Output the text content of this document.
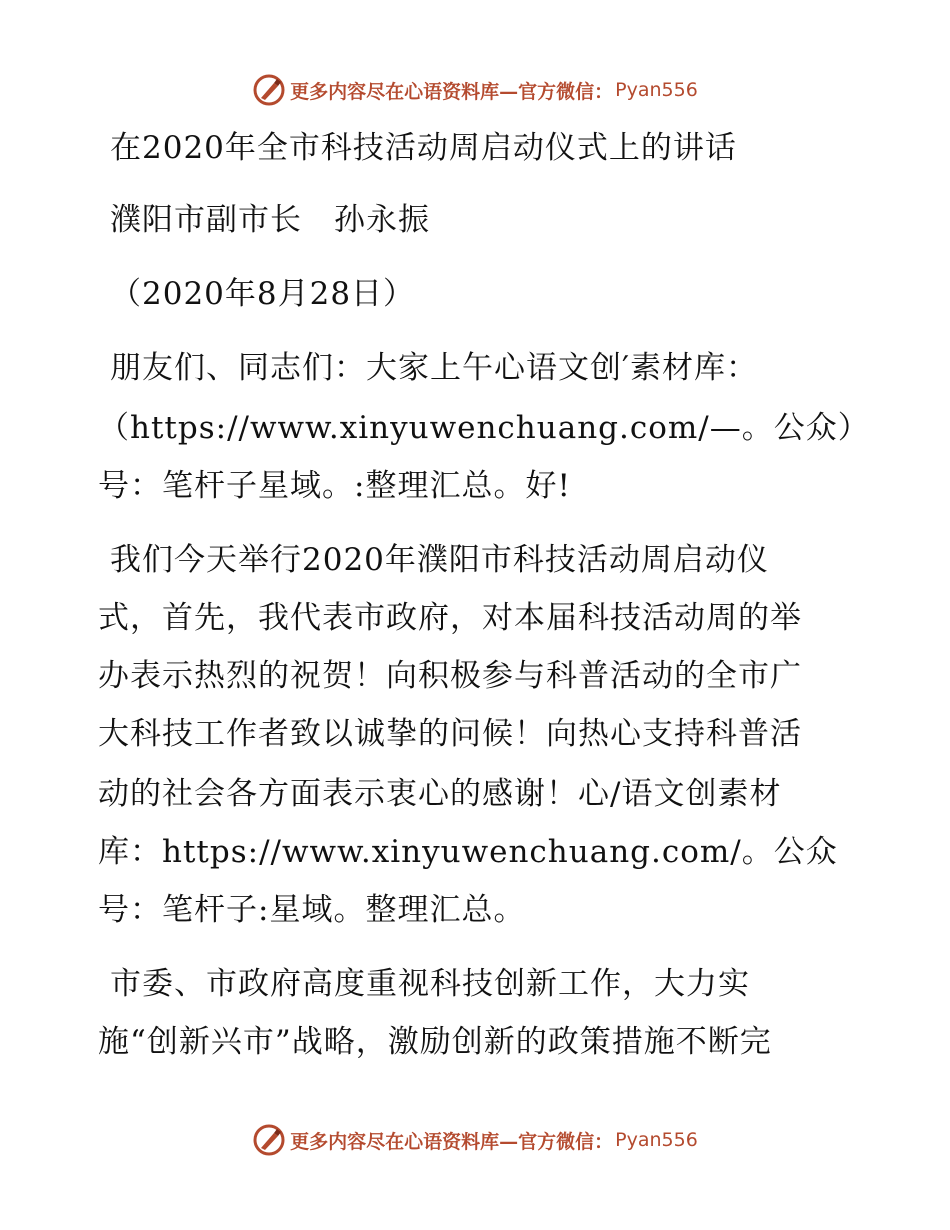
更多内容尽在心语资料库—官方微信： Pyan556
在2020年全市科技活动周启动仪式上的讲话
濮阳市副市长　孙永振
（2020年8月28日）
朋友们、同志们：大家上午心语文创′素材库：
（https://www.xinyuwenchuang.com/—。公众）
号：笔杆子星域。:整理汇总。好!
我们今天举行2020年濮阳市科技活动周启动仪
式，首先，我代表市政府，对本届科技活动周的举
办表示热烈的祝贺！向积极参与科普活动的全市广
大科技工作者致以诚挚的问候！向热心支持科普活
动的社会各方面表示衷心的感谢！心/语文创素材
库：https://www.xinyuwenchuang.com/。公众
号：笔杆子:星域。整理汇总。
市委、市政府高度重视科技创新工作，大力实
施“创新兴市”战略，激励创新的政策措施不断完
更多内容尽在心语资料库—官方微信： Pyan556
